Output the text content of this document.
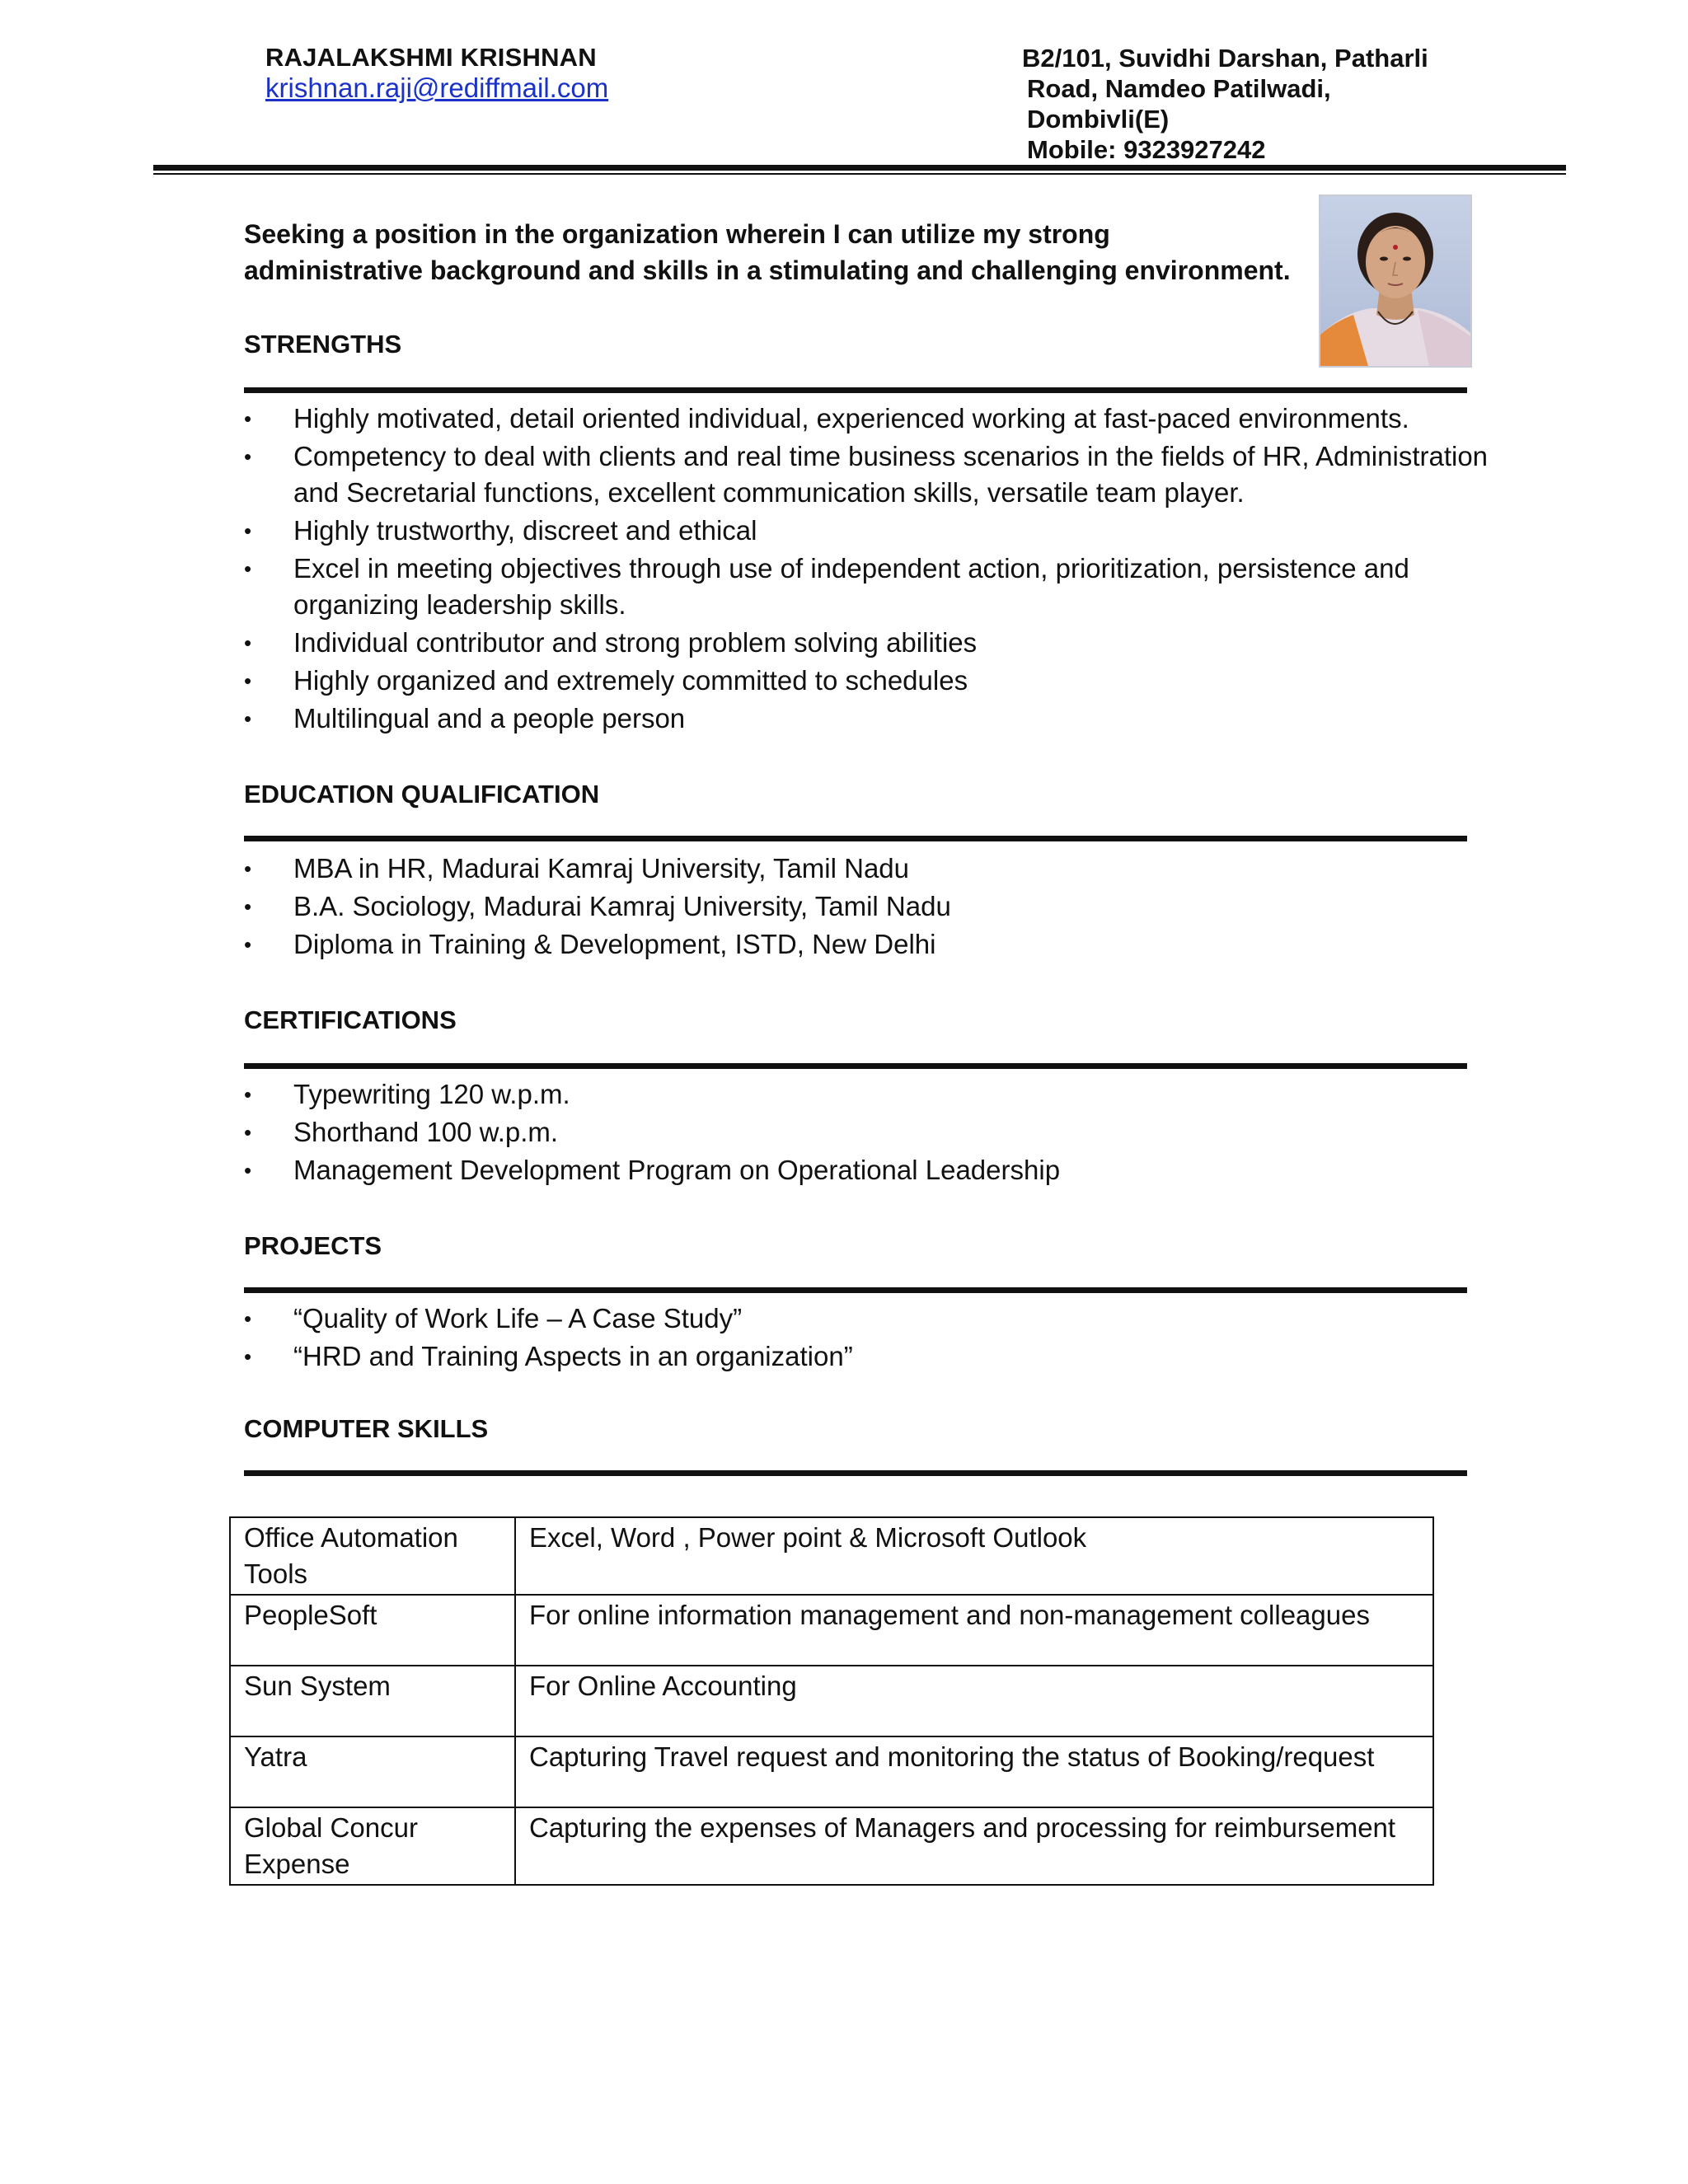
RAJALAKSHMI KRISHNAN
krishnan.raji@rediffmail.com
B2/101, Suvidhi Darshan, Patharli
Road, Namdeo Patilwadi,
Dombivli(E)
Mobile: 9323927242
Seeking a position in the organization wherein I can utilize my strong
administrative background and skills in a stimulating and challenging environment.
STRENGTHS
•	Highly motivated, detail oriented individual, experienced working at fast-paced environments.
•	Competency to deal with clients and real time business scenarios in the fields of HR, Administration and Secretarial functions, excellent communication skills, versatile team player.
•	Highly trustworthy, discreet and ethical
•	Excel in meeting objectives through use of independent action, prioritization, persistence and organizing leadership skills.
•	Individual contributor and strong problem solving abilities
•	Highly organized and extremely committed to schedules
•	Multilingual and a people person
EDUCATION QUALIFICATION
•	MBA in HR, Madurai Kamraj University, Tamil Nadu
•	B.A. Sociology, Madurai Kamraj University, Tamil Nadu
•	Diploma in Training & Development, ISTD, New Delhi
CERTIFICATIONS
•	Typewriting 120 w.p.m.
•	Shorthand 100 w.p.m.
•	Management Development Program on Operational Leadership
PROJECTS
•	“Quality of Work Life – A Case Study”
•	“HRD and Training Aspects in an organization”
COMPUTER SKILLS
Office Automation Tools	Excel, Word , Power point & Microsoft Outlook
PeopleSoft	For online information management and non-management colleagues
Sun System	For Online Accounting
Yatra	Capturing Travel request and monitoring the status of Booking/request
Global Concur Expense	Capturing the expenses of Managers and processing for reimbursement
